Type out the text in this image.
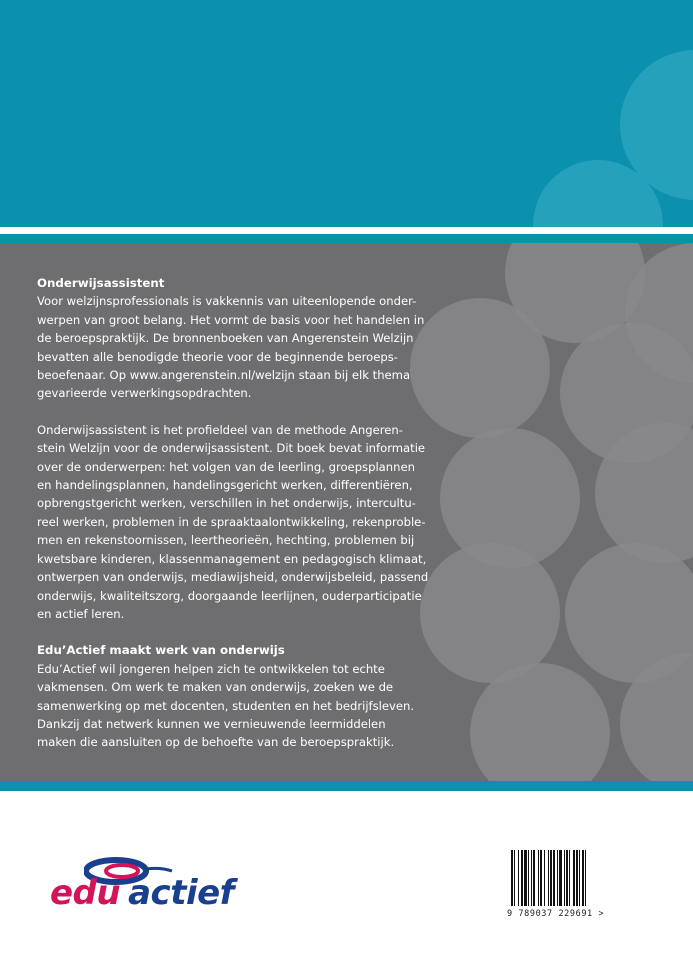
Onderwijsassistent

Voor welzijnsprofessionals is vakkennis van uiteenlopende onder-
werpen van groot belang. Het vormt de basis voor het handelen in
de beroepspraktijk. De bronnenboeken van Angerenstein Welzijn
bevatten alle benodigde theorie voor de beginnende beroeps-
beoefenaar. Op www.angerenstein.nl/welzijn staan bij elk thema
gevarieerde verwerkingsopdrachten.

Onderwijsassistent is het profieldeel van de methode Angeren-
stein Welzijn voor de onderwijsassistent. Dit boek bevat informatie
over de onderwerpen: het volgen van de leerling, groepsplannen
en handelingsplannen, handelingsgericht werken, differentiëren,
opbrengstgericht werken, verschillen in het onderwijs, intercultu-
reel werken, problemen in de spraaktaalontwikkeling, rekenproble-
men en rekenstoornissen, leertheorieën, hechting, problemen bij
kwetsbare kinderen, klassenmanagement en pedagogisch klimaat,
ontwerpen van onderwijs, mediawijsheid, onderwijsbeleid, passend
onderwijs, kwaliteitszorg, doorgaande leerlijnen, ouderparticipatie
en actief leren.

Edu’Actief maakt werk van onderwijs

Edu’Actief wil jongeren helpen zich te ontwikkelen tot echte
vakmensen. Om werk te maken van onderwijs, zoeken we de
samenwerking op met docenten, studenten en het bedrijfsleven.
Dankzij dat netwerk kunnen we vernieuwende leermiddelen
maken die aansluiten op de behoefte van de beroepspraktijk.

edu actief
9 789037 229691 >
